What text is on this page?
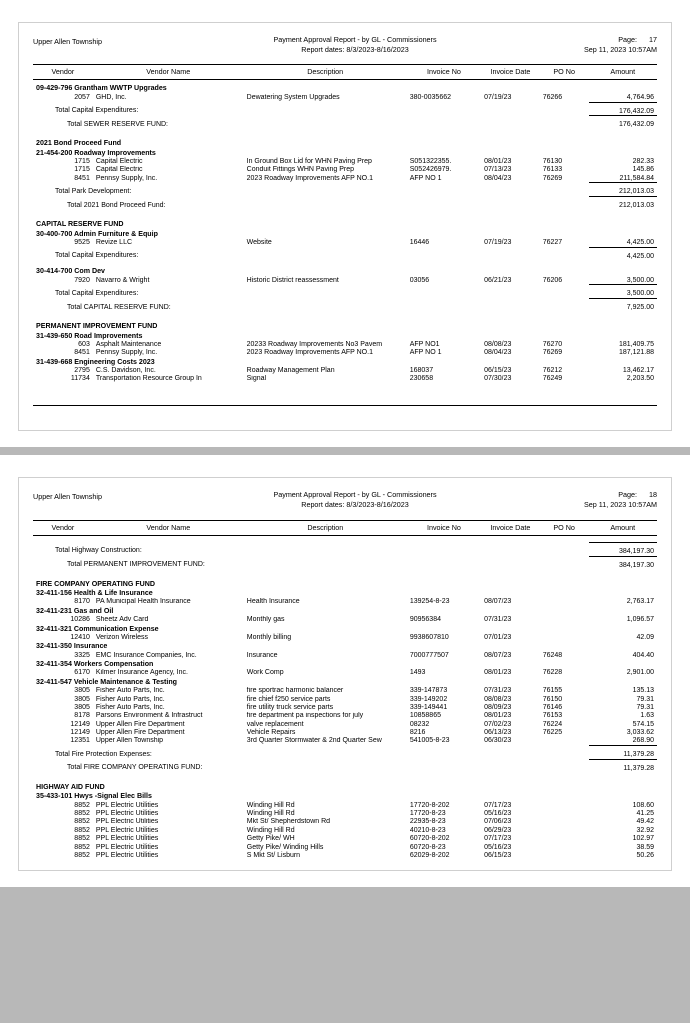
Upper Allen Township	Payment Approval Report - by GL - Commissioners
Report dates: 8/3/2023-8/16/2023
Page: 17
Sep 11, 2023 10:57AM
Vendor	Vendor Name	Description	Invoice No	Invoice Date	PO No	Amount
09-429-796 Grantham WWTP Upgrades						
2057	GHD, Inc.	Dewatering System Upgrades	380-0035662	07/19/23	76266	4,764.96
Total Capital Expenditures:						176,432.09
Total SEWER RESERVE FUND:						176,432.09

2021 Bond Proceed Fund						
21-454-200 Roadway Improvements						
1715	Capital Electric	In Ground Box Lid for WHN Paving Prep	S051322355.	08/01/23	76130	282.33
1715	Capital Electric	Conduit Fittings WHN Paving Prep	S052426979.	07/13/23	76133	145.86
8451	Pennsy Supply, Inc.	2023 Roadway Improvements AFP NO.1	AFP NO 1	08/04/23	76269	211,584.84
Total Park Development:						212,013.03
Total 2021 Bond Proceed Fund:						212,013.03

CAPITAL RESERVE FUND						
30-400-700 Admin Furniture & Equip						
9525	Revize LLC	Website	16446	07/19/23	76227	4,425.00
Total Capital Expenditures:						4,425.00

30-414-700 Com Dev						
7920	Navarro & Wright	Historic District reassessment	03056	06/21/23	76206	3,500.00
Total Capital Expenditures:						3,500.00
Total CAPITAL RESERVE FUND:						7,925.00

PERMANENT IMPROVEMENT FUND						
31-439-650 Road Improvements						
603	Asphalt Maintenance	20233 Roadway Improvements No3 Pavem	AFP NO1	08/08/23	76270	181,409.75
8451	Pennsy Supply, Inc.	2023 Roadway Improvements AFP NO.1	AFP NO 1	08/04/23	76269	187,121.88
31-439-668 Engineering Costs 2023						
2795	C.S. Davidson, Inc.	Roadway Management Plan	168037	06/15/23	76212	13,462.17
11734	Transportation Resource Group In	Signal	230658	07/30/23	76249	2,203.50
Upper Allen Township	Payment Approval Report - by GL - Commissioners
Report dates: 8/3/2023-8/16/2023
Page: 18
Sep 11, 2023 10:57AM
Vendor	Vendor Name	Description	Invoice No	Invoice Date	PO No	Amount

Total Highway Construction:						384,197.30
Total PERMANENT IMPROVEMENT FUND:						384,197.30

FIRE COMPANY OPERATING FUND						
32-411-156 Health & Life Insurance						
8170	PA Municipal Health Insurance	Health Insurance	139254-8-23	08/07/23		2,763.17
32-411-231 Gas and Oil						
10286	Sheetz Adv Card	Monthly gas	90956384	07/31/23		1,096.57
32-411-321 Communication Expense						
12410	Verizon Wireless	Monthly billing	9938607810	07/01/23		42.09
32-411-350 Insurance						
3325	EMC Insurance Companies, Inc.	Insurance	7000777507	08/07/23	76248	404.40
32-411-354 Workers Compensation						
6170	Kilmer Insurance Agency, Inc.	Work Comp	1493	08/01/23	76228	2,901.00
32-411-547 Vehicle Maintenance & Testing						
3805	Fisher Auto Parts, Inc.	fire sportrac harmonic balancer	339-147873	07/31/23	76155	135.13
3805	Fisher Auto Parts, Inc.	fire chief f250 service parts	339-149202	08/08/23	76150	79.31
3805	Fisher Auto Parts, Inc.	fire utility truck service parts	339-149441	08/09/23	76146	79.31
8178	Parsons Environment & Infrastruct	fire department pa inspections for july	10858865	08/01/23	76153	1.63
12149	Upper Allen Fire Department	valve replacement	08232	07/02/23	76224	574.15
12149	Upper Allen Fire Department	Vehicle Repairs	8216	06/13/23	76225	3,033.62
12351	Upper Allen Township	3rd Quarter Stormwater & 2nd Quarter Sew	541005-8-23	06/30/23		268.90
Total Fire Protection Expenses:						11,379.28
Total FIRE COMPANY OPERATING FUND:						11,379.28

HIGHWAY AID FUND						
35-433-101 Hwys -Signal Elec Bills						
8852	PPL Electric Utilities	Winding Hill Rd	17720-8-202	07/17/23		108.60
8852	PPL Electric Utilities	Winding Hill Rd	17720-8-23	05/16/23		41.25
8852	PPL Electric Utilities	Mkt St/ Shepherdstown Rd	22935-8-23	07/06/23		49.42
8852	PPL Electric Utilities	Winding Hill Rd	40210-8-23	06/29/23		32.92
8852	PPL Electric Utilities	Getty Pike/ WH	60720-8-202	07/17/23		102.97
8852	PPL Electric Utilities	Getty Pike/ Winding Hills	60720-8-23	05/16/23		38.59
8852	PPL Electric Utilities	S Mkt St/ Lisburn	62029-8-202	06/15/23		50.26
